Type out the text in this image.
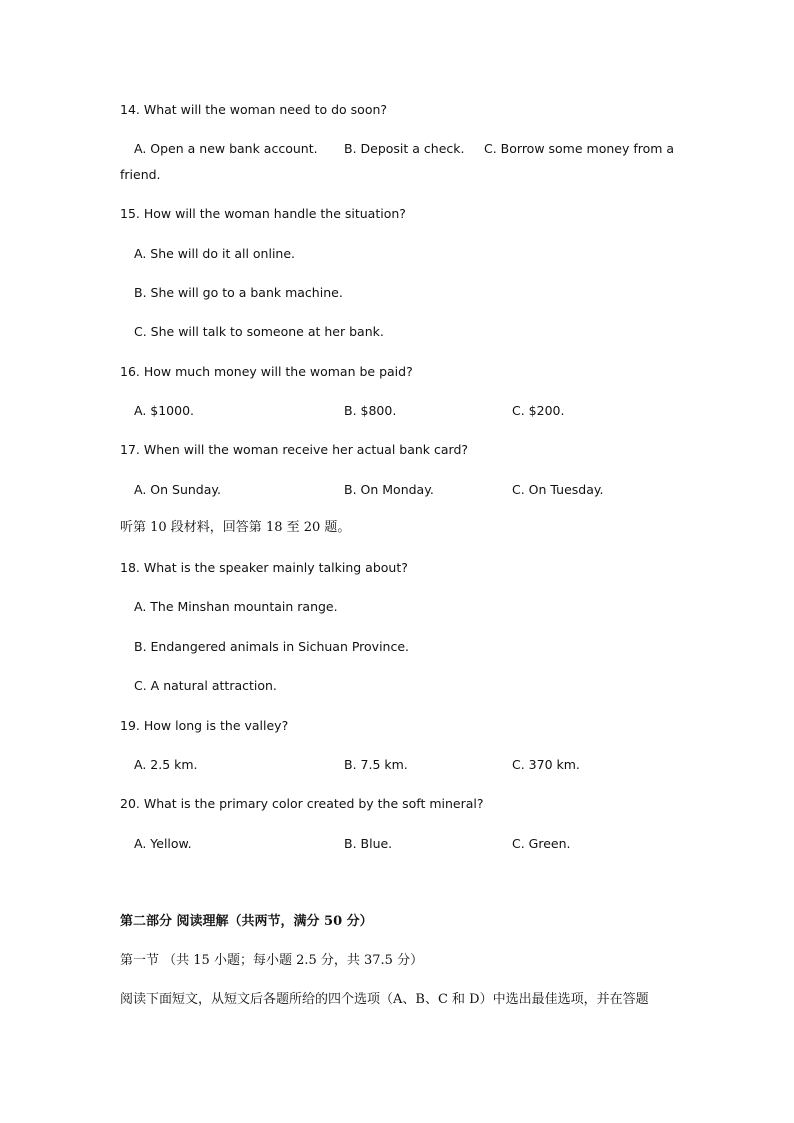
14. What will the woman need to do soon?
A. Open a new bank account. B. Deposit a check. C. Borrow some money from a
friend.
15. How will the woman handle the situation?
A. She will do it all online.
B. She will go to a bank machine.
C. She will talk to someone at her bank.
16. How much money will the woman be paid?
A. $1000.	B. $800.	C. $200.
17. When will the woman receive her actual bank card?
A. On Sunday.	B. On Monday.	C. On Tuesday.
听第 10 段材料，回答第 18 至 20 题。
18. What is the speaker mainly talking about?
A. The Minshan mountain range.
B. Endangered animals in Sichuan Province.
C. A natural attraction.
19. How long is the valley?
A. 2.5 km.	B. 7.5 km.	C. 370 km.
20. What is the primary color created by the soft mineral?
A. Yellow.	B. Blue.	C. Green.
第二部分 阅读理解（共两节，满分 50 分）
第一节 （共 15 小题；每小题 2.5 分，共 37.5 分）
阅读下面短文，从短文后各题所给的四个选项（A、B、C 和 D）中选出最佳选项，并在答题
